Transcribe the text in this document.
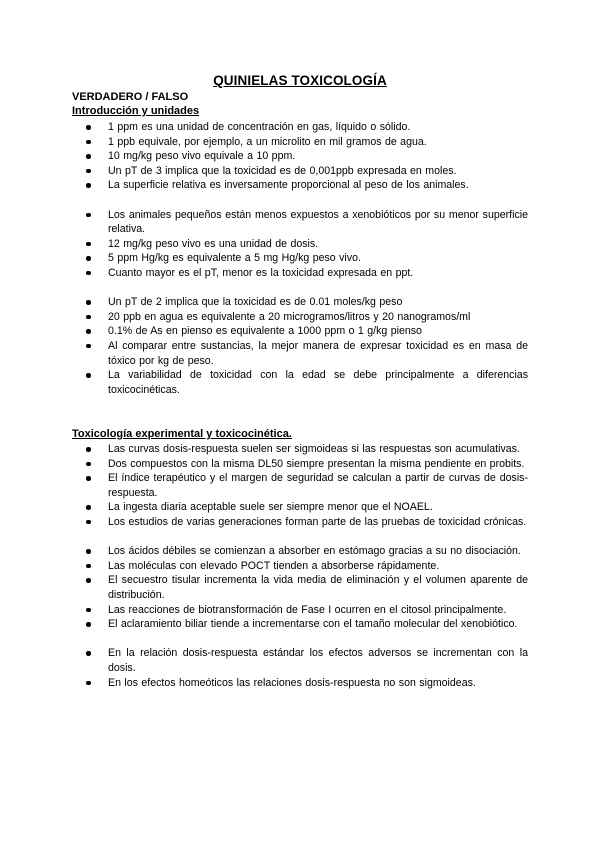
QUINIELAS TOXICOLOGÍA
VERDADERO / FALSO
Introducción y unidades
1 ppm es una unidad de concentración en gas, líquido o sólido.
1 ppb equivale, por ejemplo, a un microlito en mil gramos de agua.
10 mg/kg peso vivo equivale a 10 ppm.
Un pT de 3 implica que la toxicidad es de 0,001ppb expresada en moles.
La superficie relativa es inversamente proporcional al peso de los animales.
Los animales pequeños están menos expuestos a xenobióticos por su menor superficie relativa.
12 mg/kg peso vivo es una unidad de dosis.
5 ppm Hg/kg es equivalente a 5 mg Hg/kg peso vivo.
Cuanto mayor es el pT, menor es la toxicidad expresada en ppt.
Un pT de 2 implica que la toxicidad es de 0.01 moles/kg peso
20 ppb en agua es equivalente a 20 microgramos/litros y 20 nanogramos/ml
0.1% de As en pienso es equivalente a 1000 ppm o 1 g/kg pienso
Al comparar entre sustancias, la mejor manera de expresar toxicidad es en masa de tóxico por kg de peso.
La variabilidad de toxicidad con la edad se debe principalmente a diferencias toxicocinéticas.
Toxicología experimental y toxicocinética.
Las curvas dosis-respuesta suelen ser sigmoideas si las respuestas son acumulativas.
Dos compuestos con la misma DL50 siempre presentan la misma pendiente en probits.
El índice terapéutico y el margen de seguridad se calculan a partir de curvas de dosis-respuesta.
La ingesta diaria aceptable suele ser siempre menor que el NOAEL.
Los estudios de varias generaciones forman parte de las pruebas de toxicidad crónicas.
Los ácidos débiles se comienzan a absorber en estómago gracias a su no disociación.
Las moléculas con elevado POCT tienden a absorberse rápidamente.
El secuestro tisular incrementa la vida media de eliminación y el volumen aparente de distribución.
Las reacciones de biotransformación de Fase I ocurren en el citosol principalmente.
El aclaramiento biliar tiende a incrementarse con el tamaño molecular del xenobiótico.
En la relación dosis-respuesta estándar los efectos adversos se incrementan con la dosis.
En los efectos homeóticos las relaciones dosis-respuesta no son sigmoideas.
